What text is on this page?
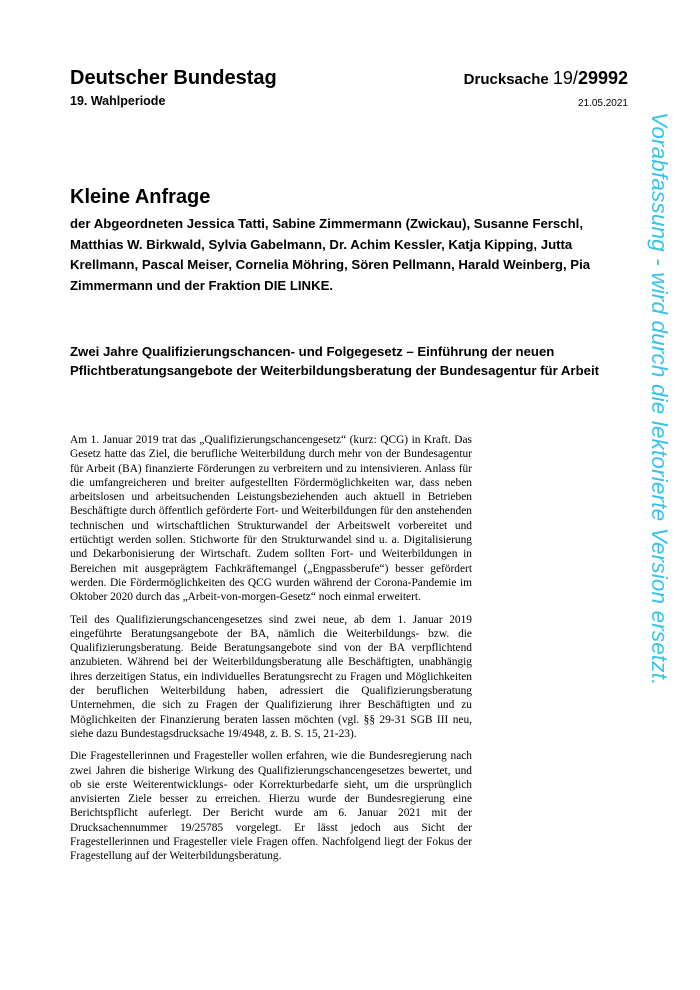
Deutscher Bundestag
19. Wahlperiode
Drucksache 19/29992
21.05.2021
Kleine Anfrage
der Abgeordneten Jessica Tatti, Sabine Zimmermann (Zwickau), Susanne Ferschl, Matthias W. Birkwald, Sylvia Gabelmann, Dr. Achim Kessler, Katja Kipping, Jutta Krellmann, Pascal Meiser, Cornelia Möhring, Sören Pellmann, Harald Weinberg, Pia Zimmermann und der Fraktion DIE LINKE.
Zwei Jahre Qualifizierungschancen- und Folgegesetz – Einführung der neuen Pflichtberatungsangebote der Weiterbildungsberatung der Bundesagentur für Arbeit

Am 1. Januar 2019 trat das „Qualifizierungschancengesetz“ (kurz: QCG) in Kraft. Das Gesetz hatte das Ziel, die berufliche Weiterbildung durch mehr von der Bundesagentur für Arbeit (BA) finanzierte Förderungen zu verbreitern und zu intensivieren. Anlass für die umfangreicheren und breiter aufgestellten Fördermöglichkeiten war, dass neben arbeitslosen und arbeitsuchenden Leistungsbeziehenden auch aktuell in Betrieben Beschäftigte durch öffentlich geförderte Fort- und Weiterbildungen für den anstehenden technischen und wirtschaftlichen Strukturwandel der Arbeitswelt vorbereitet und ertüchtigt werden sollen. Stichworte für den Strukturwandel sind u. a. Digitalisierung und Dekarbonisierung der Wirtschaft. Zudem sollten Fort- und Weiterbildungen in Bereichen mit ausgeprägtem Fachkräftemangel („Engpassberufe“) besser gefördert werden. Die Fördermöglichkeiten des QCG wurden während der Corona-Pandemie im Oktober 2020 durch das „Arbeit-von-morgen-Gesetz“ noch einmal erweitert.

Teil des Qualifizierungschancengesetzes sind zwei neue, ab dem 1. Januar 2019 eingeführte Beratungsangebote der BA, nämlich die Weiterbildungs- bzw. die Qualifizierungsberatung. Beide Beratungsangebote sind von der BA verpflichtend anzubieten. Während bei der Weiterbildungsberatung alle Beschäftigten, unabhängig ihres derzeitigen Status, ein individuelles Beratungsrecht zu Fragen und Möglichkeiten der beruflichen Weiterbildung haben, adressiert die Qualifizierungsberatung Unternehmen, die sich zu Fragen der Qualifizierung ihrer Beschäftigten und zu Möglichkeiten der Finanzierung beraten lassen möchten (vgl. §§ 29-31 SGB III neu, siehe dazu Bundestagsdrucksache 19/4948, z. B. S. 15, 21-23).

Die Fragestellerinnen und Fragesteller wollen erfahren, wie die Bundesregierung nach zwei Jahren die bisherige Wirkung des Qualifizierungschancengesetzes bewertet, und ob sie erste Weiterentwicklungs- oder Korrekturbedarfe sieht, um die ursprünglich anvisierten Ziele besser zu erreichen. Hierzu wurde der Bundesregierung eine Berichtspflicht auferlegt. Der Bericht wurde am 6. Januar 2021 mit der Drucksachennummer 19/25785 vorgelegt. Er lässt jedoch aus Sicht der Fragestellerinnen und Fragesteller viele Fragen offen. Nachfolgend liegt der Fokus der Fragestellung auf der Weiterbildungsberatung.

Vorabfassung - wird durch die lektorierte Version ersetzt.
